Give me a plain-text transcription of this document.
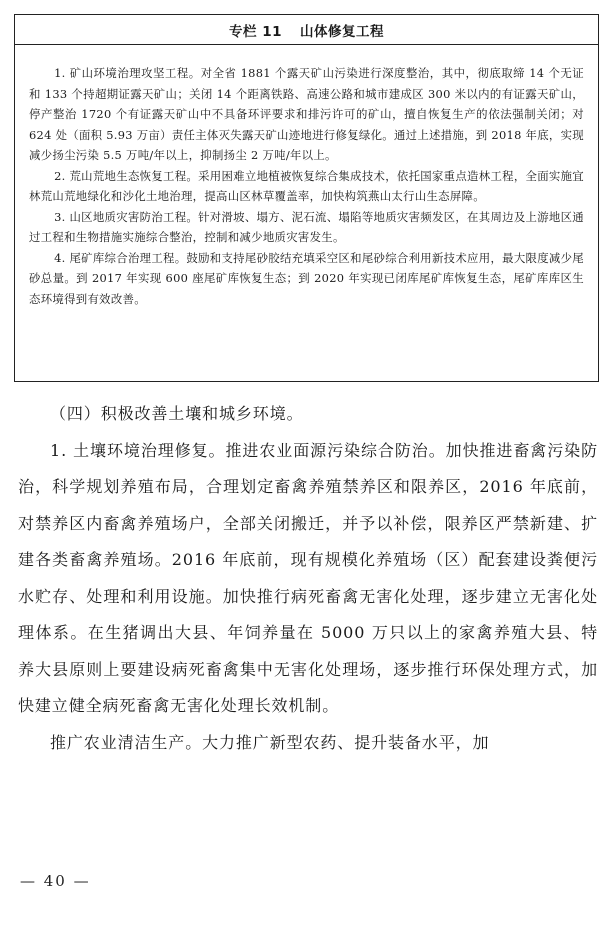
专栏 11 山体修复工程

1. 矿山环境治理攻坚工程。对全省 1881 个露天矿山污染进行深度整治，其中，彻底取缔 14 个无证和 133 个持超期证露天矿山；关闭 14 个距离铁路、高速公路和城市建成区 300 米以内的有证露天矿山，停产整治 1720 个有证露天矿山中不具备环评要求和排污许可的矿山，擅自恢复生产的依法强制关闭；对 624 处（面积 5.93 万亩）责任主体灭失露天矿山迹地进行修复绿化。通过上述措施，到 2018 年底，实现减少扬尘污染 5.5 万吨/年以上，抑制扬尘 2 万吨/年以上。

2. 荒山荒地生态恢复工程。采用困难立地植被恢复综合集成技术，依托国家重点造林工程，全面实施宜林荒山荒地绿化和沙化土地治理，提高山区林草覆盖率，加快构筑燕山太行山生态屏障。

3. 山区地质灾害防治工程。针对滑坡、塌方、泥石流、塌陷等地质灾害频发区，在其周边及上游地区通过工程和生物措施实施综合整治，控制和减少地质灾害发生。

4. 尾矿库综合治理工程。鼓励和支持尾砂胶结充填采空区和尾砂综合利用新技术应用，最大限度减少尾砂总量。到 2017 年实现 600 座尾矿库恢复生态；到 2020 年实现已闭库尾矿库恢复生态，尾矿库库区生态环境得到有效改善。

（四）积极改善土壤和城乡环境。

1. 土壤环境治理修复。推进农业面源污染综合防治。加快推进畜禽污染防治，科学规划养殖布局，合理划定畜禽养殖禁养区和限养区，2016 年底前，对禁养区内畜禽养殖场户，全部关闭搬迁，并予以补偿，限养区严禁新建、扩建各类畜禽养殖场。2016 年底前，现有规模化养殖场（区）配套建设粪便污水贮存、处理和利用设施。加快推行病死畜禽无害化处理，逐步建立无害化处理体系。在生猪调出大县、年饲养量在 5000 万只以上的家禽养殖大县、特养大县原则上要建设病死畜禽集中无害化处理场，逐步推行环保处理方式，加快建立健全病死畜禽无害化处理长效机制。

推广农业清洁生产。大力推广新型农药、提升装备水平，加

— 40 —
